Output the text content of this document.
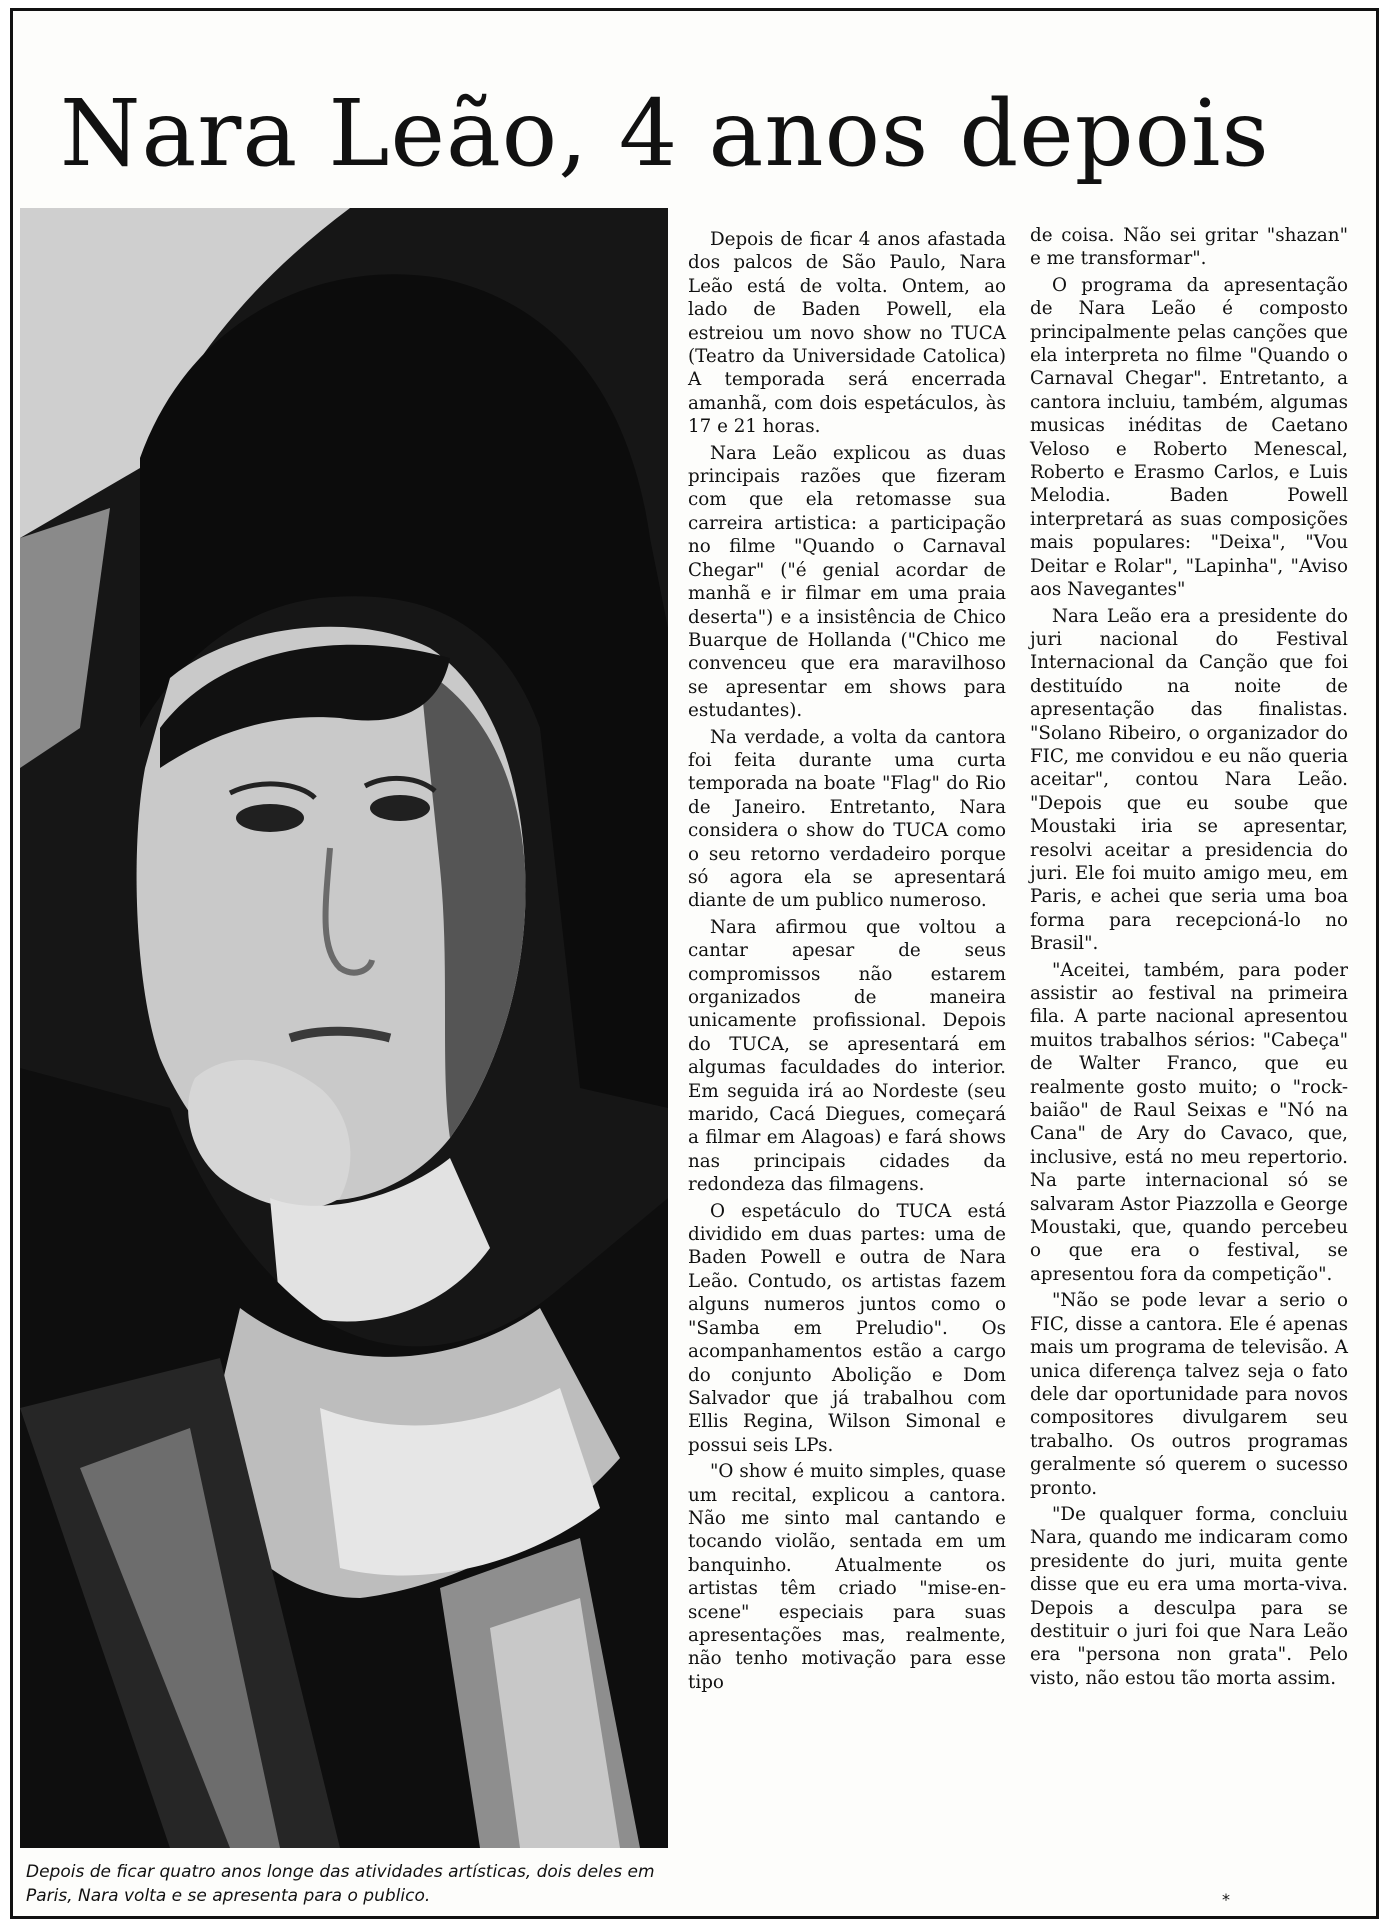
Nara Leão, 4 anos depois
Depois de ficar quatro anos longe das atividades artísticas, dois deles em Paris, Nara volta e se apresenta para o publico.

Depois de ficar 4 anos afastada dos palcos de São Paulo, Nara Leão está de volta. Ontem, ao lado de Baden Powell, ela estreiou um novo show no TUCA (Teatro da Universidade Catolica) A temporada será encerrada amanhã, com dois espetáculos, às 17 e 21 horas.

Nara Leão explicou as duas principais razões que fizeram com que ela retomasse sua carreira artistica: a participação no filme "Quando o Carnaval Chegar" ("é genial acordar de manhã e ir filmar em uma praia deserta") e a insistência de Chico Buarque de Hollanda ("Chico me convenceu que era maravilhoso se apresentar em shows para estudantes).

Na verdade, a volta da cantora foi feita durante uma curta temporada na boate "Flag" do Rio de Janeiro. Entretanto, Nara considera o show do TUCA como o seu retorno verdadeiro porque só agora ela se apresentará diante de um publico numeroso.

Nara afirmou que voltou a cantar apesar de seus compromissos não estarem organizados de maneira unicamente profissional. Depois do TUCA, se apresentará em algumas faculdades do interior. Em seguida irá ao Nordeste (seu marido, Cacá Diegues, começará a filmar em Alagoas) e fará shows nas principais cidades da redondeza das filmagens.

O espetáculo do TUCA está dividido em duas partes: uma de Baden Powell e outra de Nara Leão. Contudo, os artistas fazem alguns numeros juntos como o "Samba em Preludio". Os acompanhamentos estão a cargo do conjunto Abolição e Dom Salvador que já trabalhou com Ellis Regina, Wilson Simonal e possui seis LPs.

"O show é muito simples, quase um recital, explicou a cantora. Não me sinto mal cantando e tocando violão, sentada em um banquinho. Atualmente os artistas têm criado "mise-en-scene" especiais para suas apresentações mas, realmente, não tenho motivação para esse tipo

de coisa. Não sei gritar "shazan" e me transformar".

O programa da apresentação de Nara Leão é composto principalmente pelas canções que ela interpreta no filme "Quando o Carnaval Chegar". Entretanto, a cantora incluiu, também, algumas musicas inéditas de Caetano Veloso e Roberto Menescal, Roberto e Erasmo Carlos, e Luis Melodia. Baden Powell interpretará as suas composições mais populares: "Deixa", "Vou Deitar e Rolar", "Lapinha", "Aviso aos Navegantes"

Nara Leão era a presidente do juri nacional do Festival Internacional da Canção que foi destituído na noite de apresentação das finalistas. "Solano Ribeiro, o organizador do FIC, me convidou e eu não queria aceitar", contou Nara Leão. "Depois que eu soube que Moustaki iria se apresentar, resolvi aceitar a presidencia do juri. Ele foi muito amigo meu, em Paris, e achei que seria uma boa forma para recepcioná-lo no Brasil".

"Aceitei, também, para poder assistir ao festival na primeira fila. A parte nacional apresentou muitos trabalhos sérios: "Cabeça" de Walter Franco, que eu realmente gosto muito; o "rock-baião" de Raul Seixas e "Nó na Cana" de Ary do Cavaco, que, inclusive, está no meu repertorio. Na parte internacional só se salvaram Astor Piazzolla e George Moustaki, que, quando percebeu o que era o festival, se apresentou fora da competição".

"Não se pode levar a serio o FIC, disse a cantora. Ele é apenas mais um programa de televisão. A unica diferença talvez seja o fato dele dar oportunidade para novos compositores divulgarem seu trabalho. Os outros programas geralmente só querem o sucesso pronto.

"De qualquer forma, concluiu Nara, quando me indicaram como presidente do juri, muita gente disse que eu era uma morta-viva. Depois a desculpa para se destituir o juri foi que Nara Leão era "persona non grata". Pelo visto, não estou tão morta assim.

*
